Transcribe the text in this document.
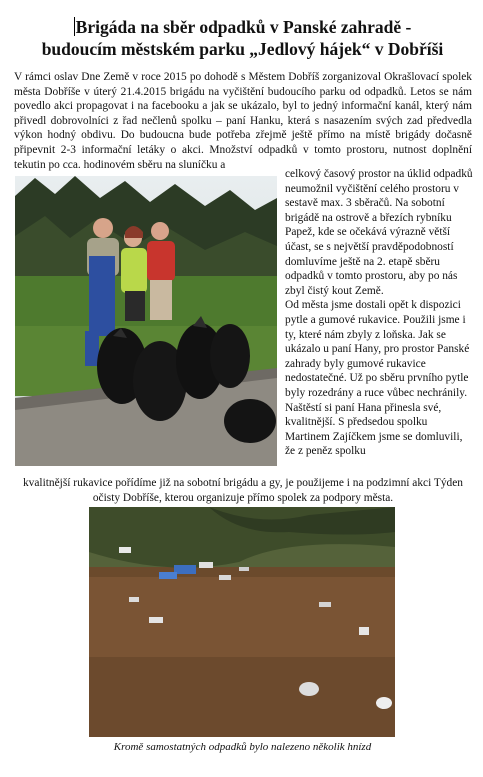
Brigáda na sběr odpadků v Panské zahradě -
budoucím městském parku „Jedlový hájek“ v Dobříši

V rámci oslav Dne Země v roce 2015 po dohodě s Městem Dobříš zorganizoval Okrašlovací spolek města Dobříše v úterý 21.4.2015 brigádu na vyčištění budoucího parku od odpadků. Letos se nám povedlo akci propagovat i na facebooku a jak se ukázalo, byl to jedný informační kanál, který nám přivedl dobrovolníci z řad nečlenů spolku – paní Hanku, která s nasazením svých zad předvedla výkon hodný obdivu. Do budoucna bude potřeba zřejmě ještě přímo na místě brigády dočasně připevnit 2-3 informační letáky o akci. Množství odpadků v tomto prostoru, nutnost doplnění tekutin po cca. hodinovém sběru na sluníčku a

celkový časový prostor na úklid odpadků neumožnil vyčištění celého prostoru v sestavě max. 3 sběračů. Na sobotní brigádě na ostrově a březích rybníku Papež, kde se očekává výrazně větší účast, se s největší pravděpodobností domluvíme ještě na 2. etapě sběru odpadků v tomto prostoru, aby po nás zbyl čistý kout Země.

Od města jsme dostali opět k dispozici pytle a gumové rukavice. Použili jsme i ty, které nám zbyly z loňska. Jak se ukázalo u paní Hany, pro prostor Panské zahrady byly gumové rukavice nedostatečné. Už po sběru prvního pytle byly rozedrány a ruce vůbec nechránily. Naštěstí si paní Hana přinesla své, kvalitnější. S předsedou spolku Martinem Zajíčkem jsme se domluvili, že z peněz spolku

kvalitnější rukavice pořídíme již na sobotní brigádu a gy, je použijeme i na podzimní akci Týden očisty Dobříše, kterou organizuje přímo spolek za podpory města.
Kromě samostatných odpadků bylo nalezeno několik hnízd
